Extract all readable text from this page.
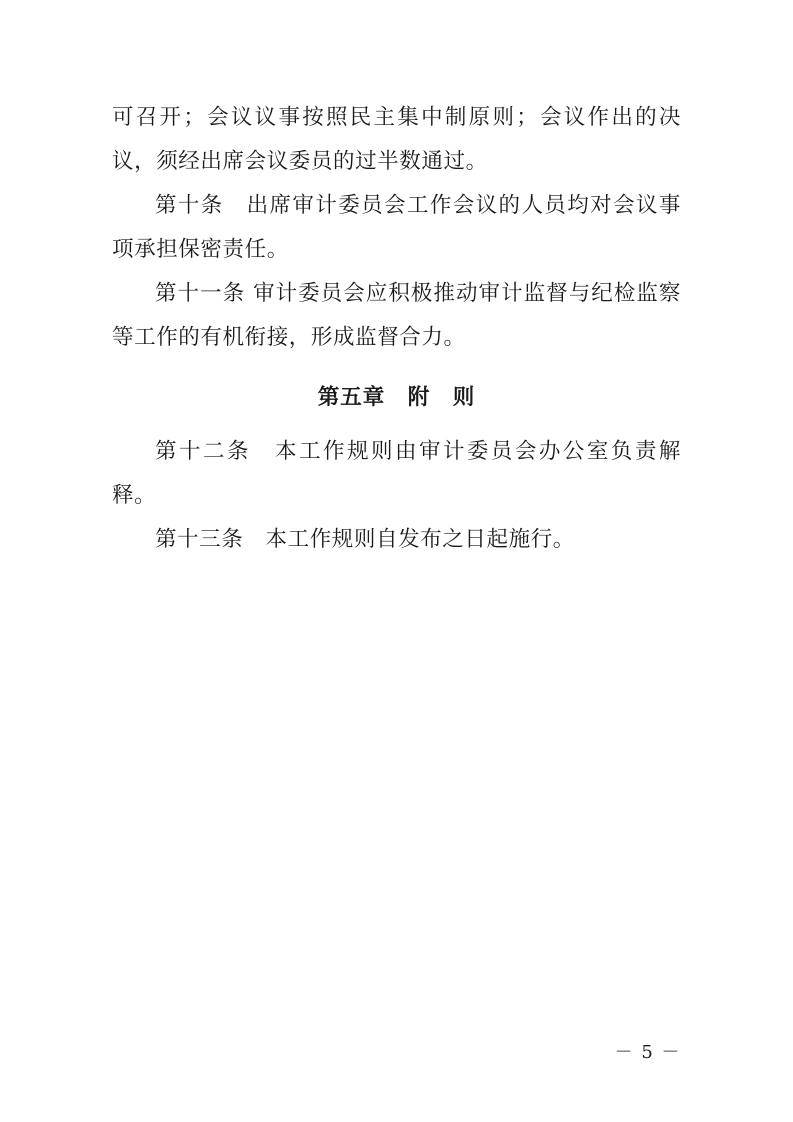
可召开；会议议事按照民主集中制原则；会议作出的决议，须经出席会议委员的过半数通过。

第十条　出席审计委员会工作会议的人员均对会议事项承担保密责任。

第十一条 审计委员会应积极推动审计监督与纪检监察等工作的有机衔接，形成监督合力。

第五章　附　则

第十二条　本工作规则由审计委员会办公室负责解释。

第十三条　本工作规则自发布之日起施行。

－ 5 －
